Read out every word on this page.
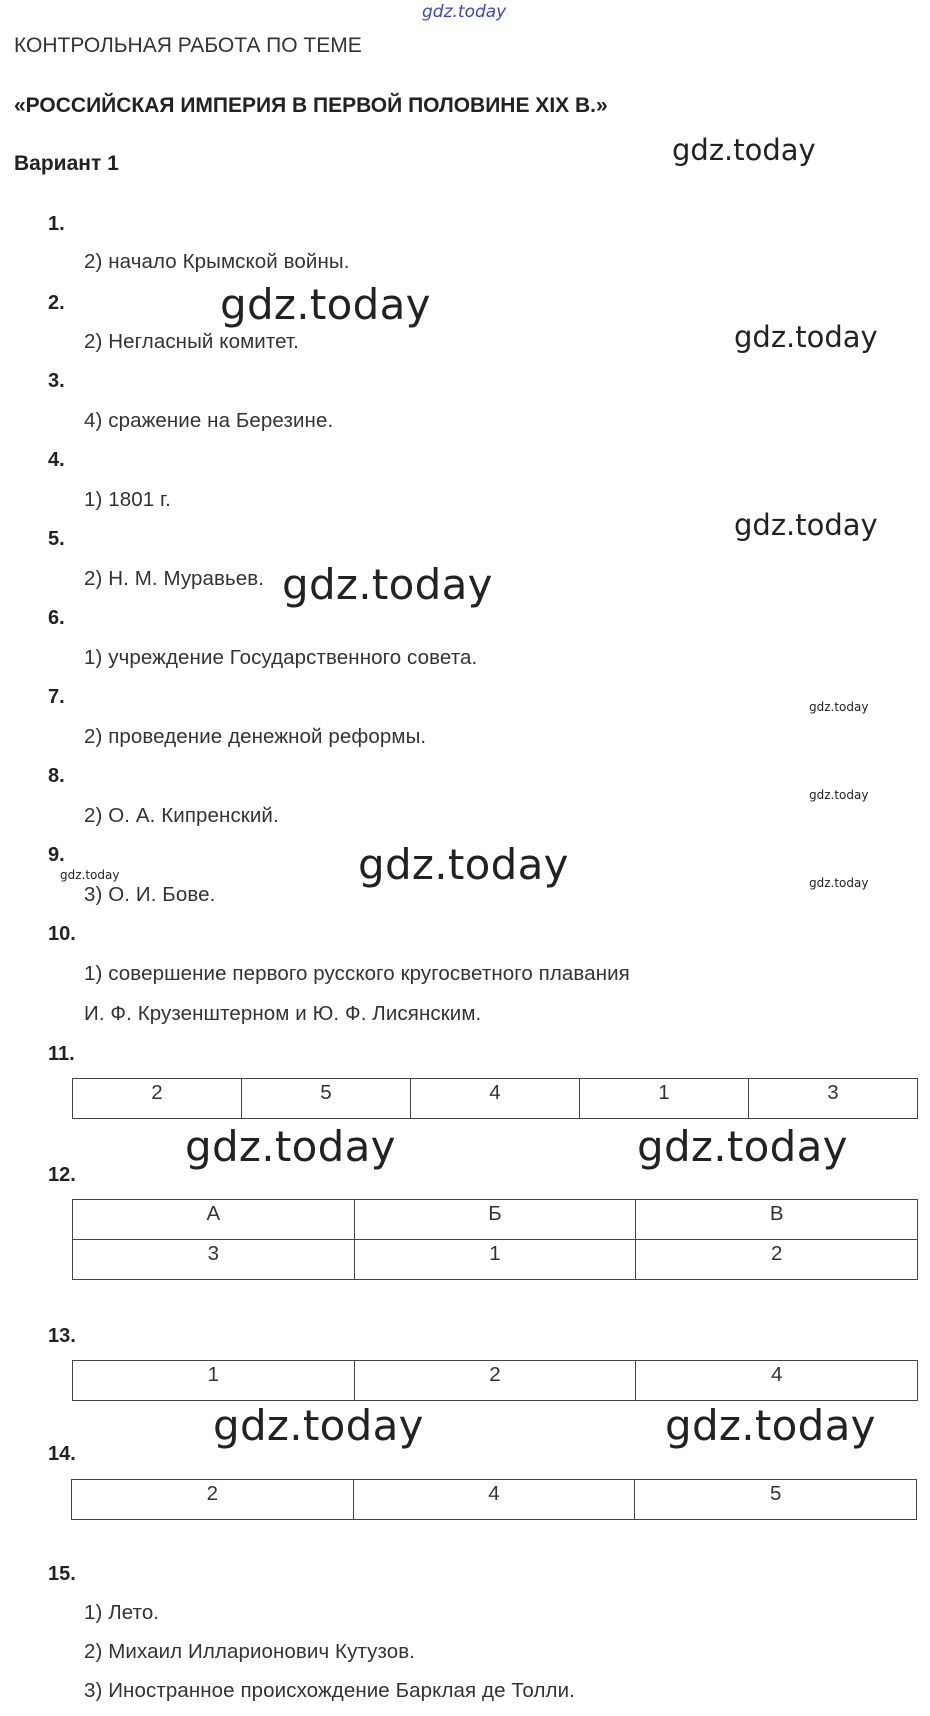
gdz.today
КОНТРОЛЬНАЯ РАБОТА ПО ТЕМЕ
«РОССИЙСКАЯ ИМПЕРИЯ В ПЕРВОЙ ПОЛОВИНЕ XIX В.»
Вариант 1
1.
2) начало Крымской войны.
2.
2) Негласный комитет.
3.
4) сражение на Березине.
4.
1) 1801 г.
5.
2) Н. М. Муравьев.
6.
1) учреждение Государственного совета.
7.
2) проведение денежной реформы.
8.
2) О. А. Кипренский.
9.
3) О. И. Бове.
10.
1) совершение первого русского кругосветного плавания
И. Ф. Крузенштерном и Ю. Ф. Лисянским.
11.
2	5	4	1	3
12.
А	Б	В
3	1	2
13.
1	2	4
14.
2	4	5
15.
1) Лето.
2) Михаил Илларионович Кутузов.
3) Иностранное происхождение Барклая де Толли.
gdz.today
gdz.today
gdz.today
gdz.today
gdz.today
gdz.today
gdz.today
gdz.today
gdz.today	gdz.today
gdz.today	gdz.today
gdz.today	gdz.today
